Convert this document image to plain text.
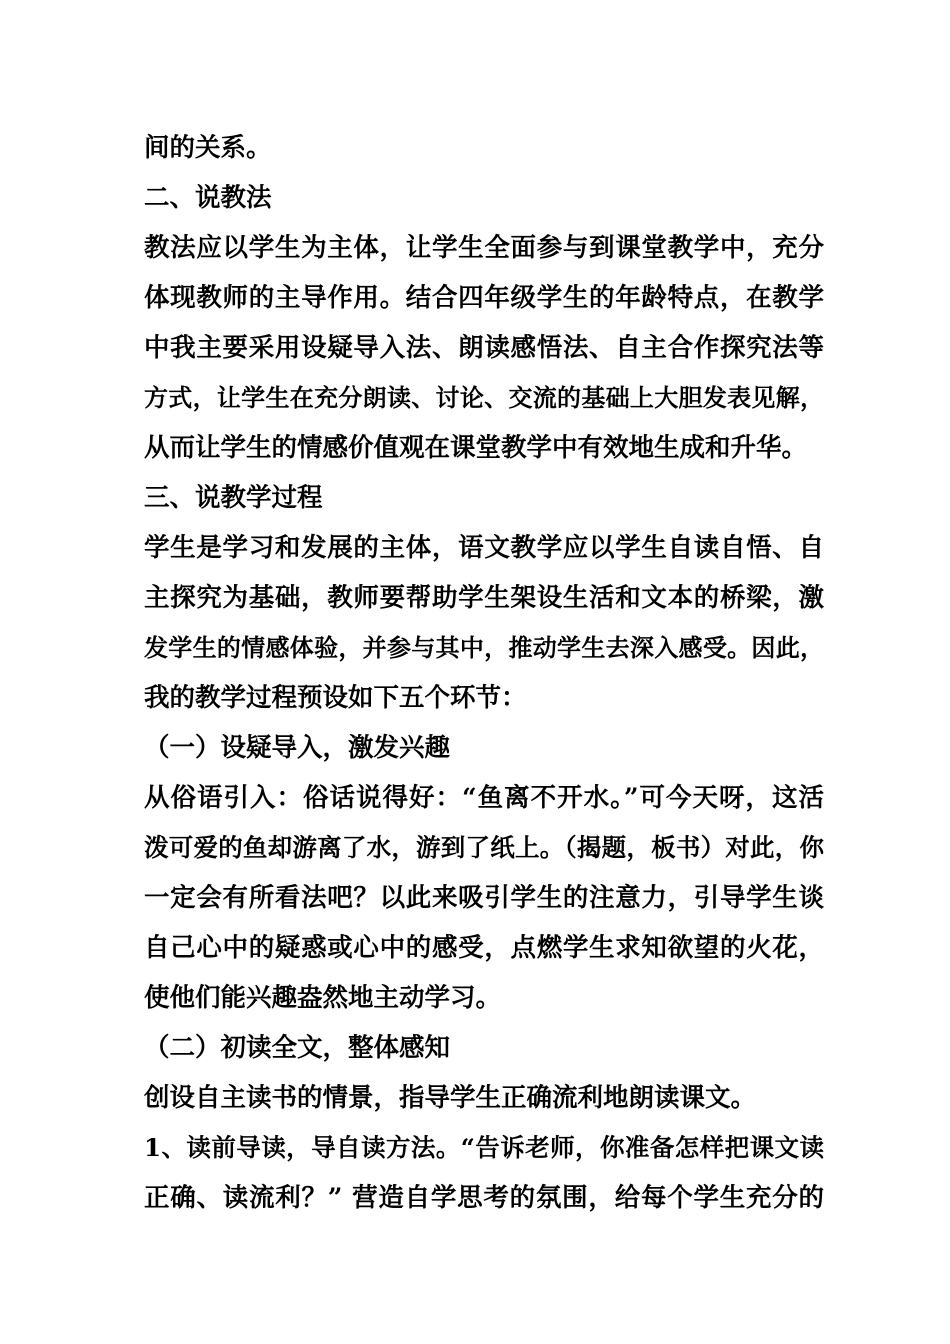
间的关系。
二、说教法
教法应以学生为主体，让学生全面参与到课堂教学中，充分
体现教师的主导作用。结合四年级学生的年龄特点，在教学
中我主要采用设疑导入法、朗读感悟法、自主合作探究法等
方式，让学生在充分朗读、讨论、交流的基础上大胆发表见解，
从而让学生的情感价值观在课堂教学中有效地生成和升华。
三、说教学过程
学生是学习和发展的主体，语文教学应以学生自读自悟、自
主探究为基础，教师要帮助学生架设生活和文本的桥梁，激
发学生的情感体验，并参与其中，推动学生去深入感受。因此，
我的教学过程预设如下五个环节：
（一）设疑导入，激发兴趣
从俗语引入：俗话说得好：“鱼离不开水。”可今天呀，这活
泼可爱的鱼却游离了水，游到了纸上。（揭题，板书）对此，你
一定会有所看法吧？以此来吸引学生的注意力，引导学生谈
自己心中的疑惑或心中的感受，点燃学生求知欲望的火花，
使他们能兴趣盎然地主动学习。
（二）初读全文，整体感知
创设自主读书的情景，指导学生正确流利地朗读课文。
1、读前导读，导自读方法。“告诉老师，你准备怎样把课文读
正确、读流利？” 营造自学思考的氛围，给每个学生充分的
